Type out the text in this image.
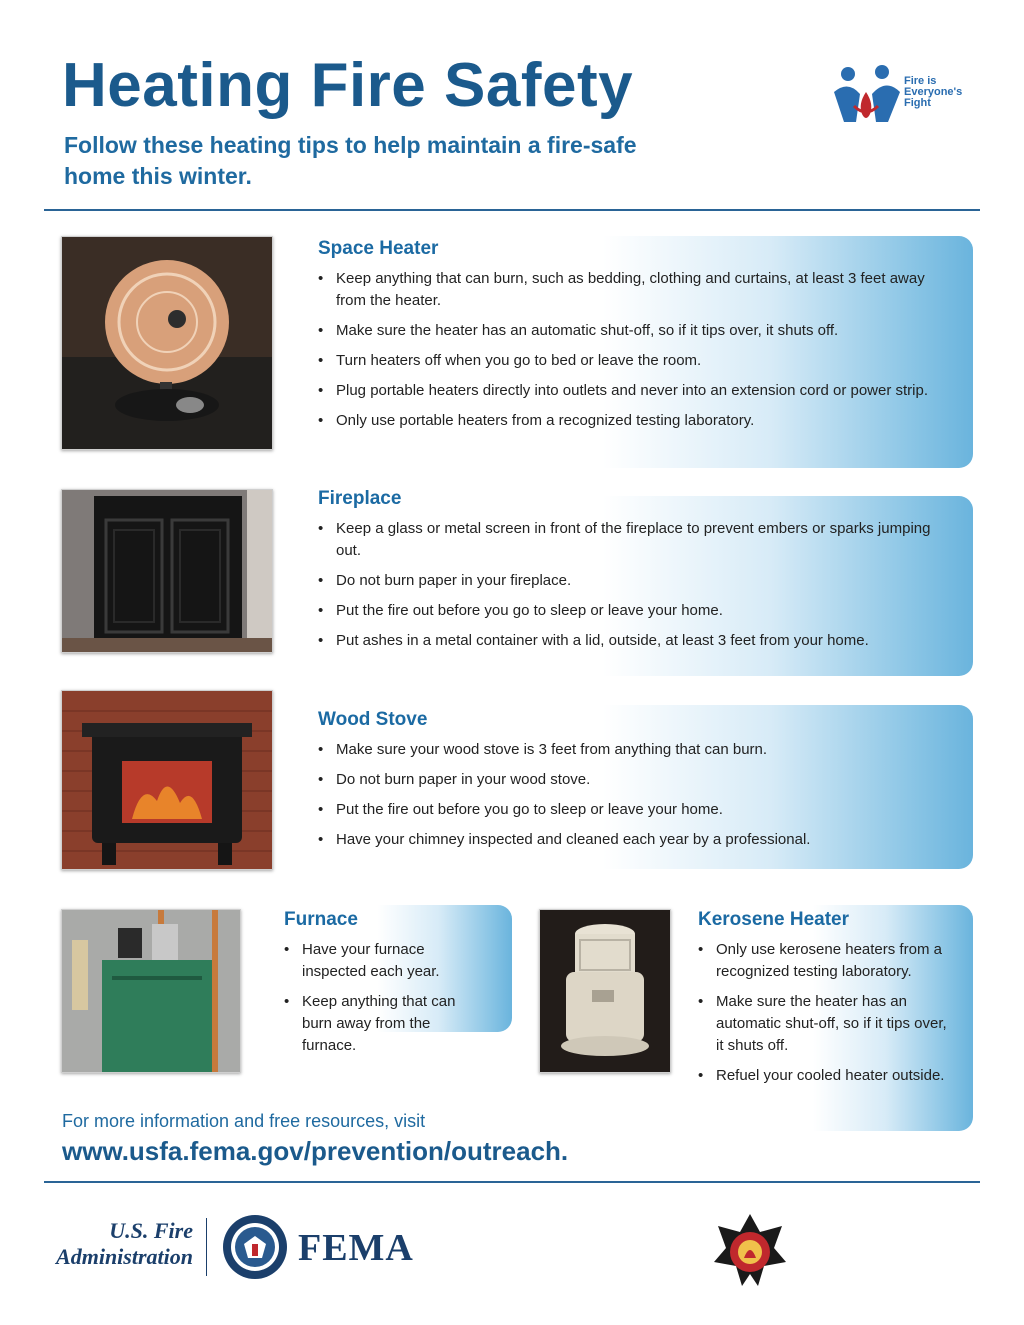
Heating Fire Safety
Follow these heating tips to help maintain a fire-safe home this winter.
Fire is
Everyone's
Fight
Space Heater
• Keep anything that can burn, such as bedding, clothing and curtains, at least 3 feet away from the heater.
• Make sure the heater has an automatic shut-off, so if it tips over, it shuts off.
• Turn heaters off when you go to bed or leave the room.
• Plug portable heaters directly into outlets and never into an extension cord or power strip.
• Only use portable heaters from a recognized testing laboratory.
Fireplace
• Keep a glass or metal screen in front of the fireplace to prevent embers or sparks jumping out.
• Do not burn paper in your fireplace.
• Put the fire out before you go to sleep or leave your home.
• Put ashes in a metal container with a lid, outside, at least 3 feet from your home.
Wood Stove
• Make sure your wood stove is 3 feet from anything that can burn.
• Do not burn paper in your wood stove.
• Put the fire out before you go to sleep or leave your home.
• Have your chimney inspected and cleaned each year by a professional.
Furnace
• Have your furnace inspected each year.
• Keep anything that can burn away from the furnace.
Kerosene Heater
• Only use kerosene heaters from a recognized testing laboratory.
• Make sure the heater has an automatic shut-off, so if it tips over, it shuts off.
• Refuel your cooled heater outside.
For more information and free resources, visit
www.usfa.fema.gov/prevention/outreach.
U.S. Fire
Administration	FEMA
